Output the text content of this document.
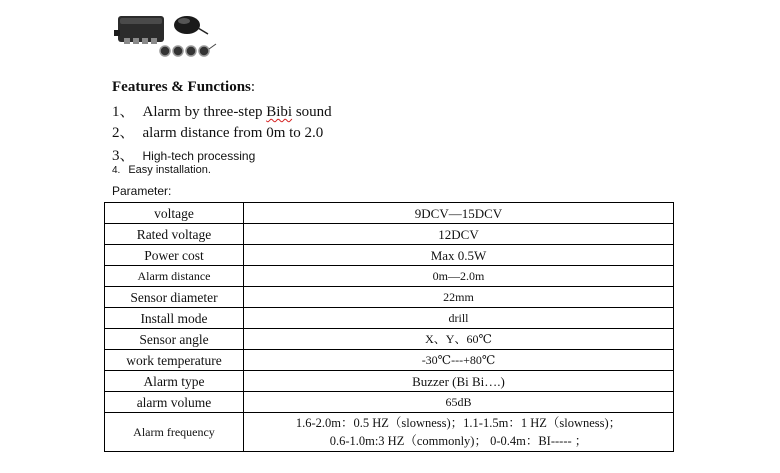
Features & Functions:
1、 Alarm by three-step Bibi sound
2、 alarm distance from 0m to 2.0
3、 High-tech processing
4. Easy installation.
Parameter:
voltage	9DCV—15DCV
Rated voltage	12DCV
Power cost	Max 0.5W
Alarm distance	0m—2.0m
Sensor diameter	22mm
Install mode	drill
Sensor angle	X、Y、60℃
work temperature	-30℃---+80℃
Alarm type	Buzzer (Bi Bi….)
alarm volume	65dB
Alarm frequency	1.6-2.0m：0.5 HZ（slowness)；1.1-1.5m：1 HZ（slowness)；
0.6-1.0m:3 HZ（commonly)； 0-0.4m：BI----- ；
